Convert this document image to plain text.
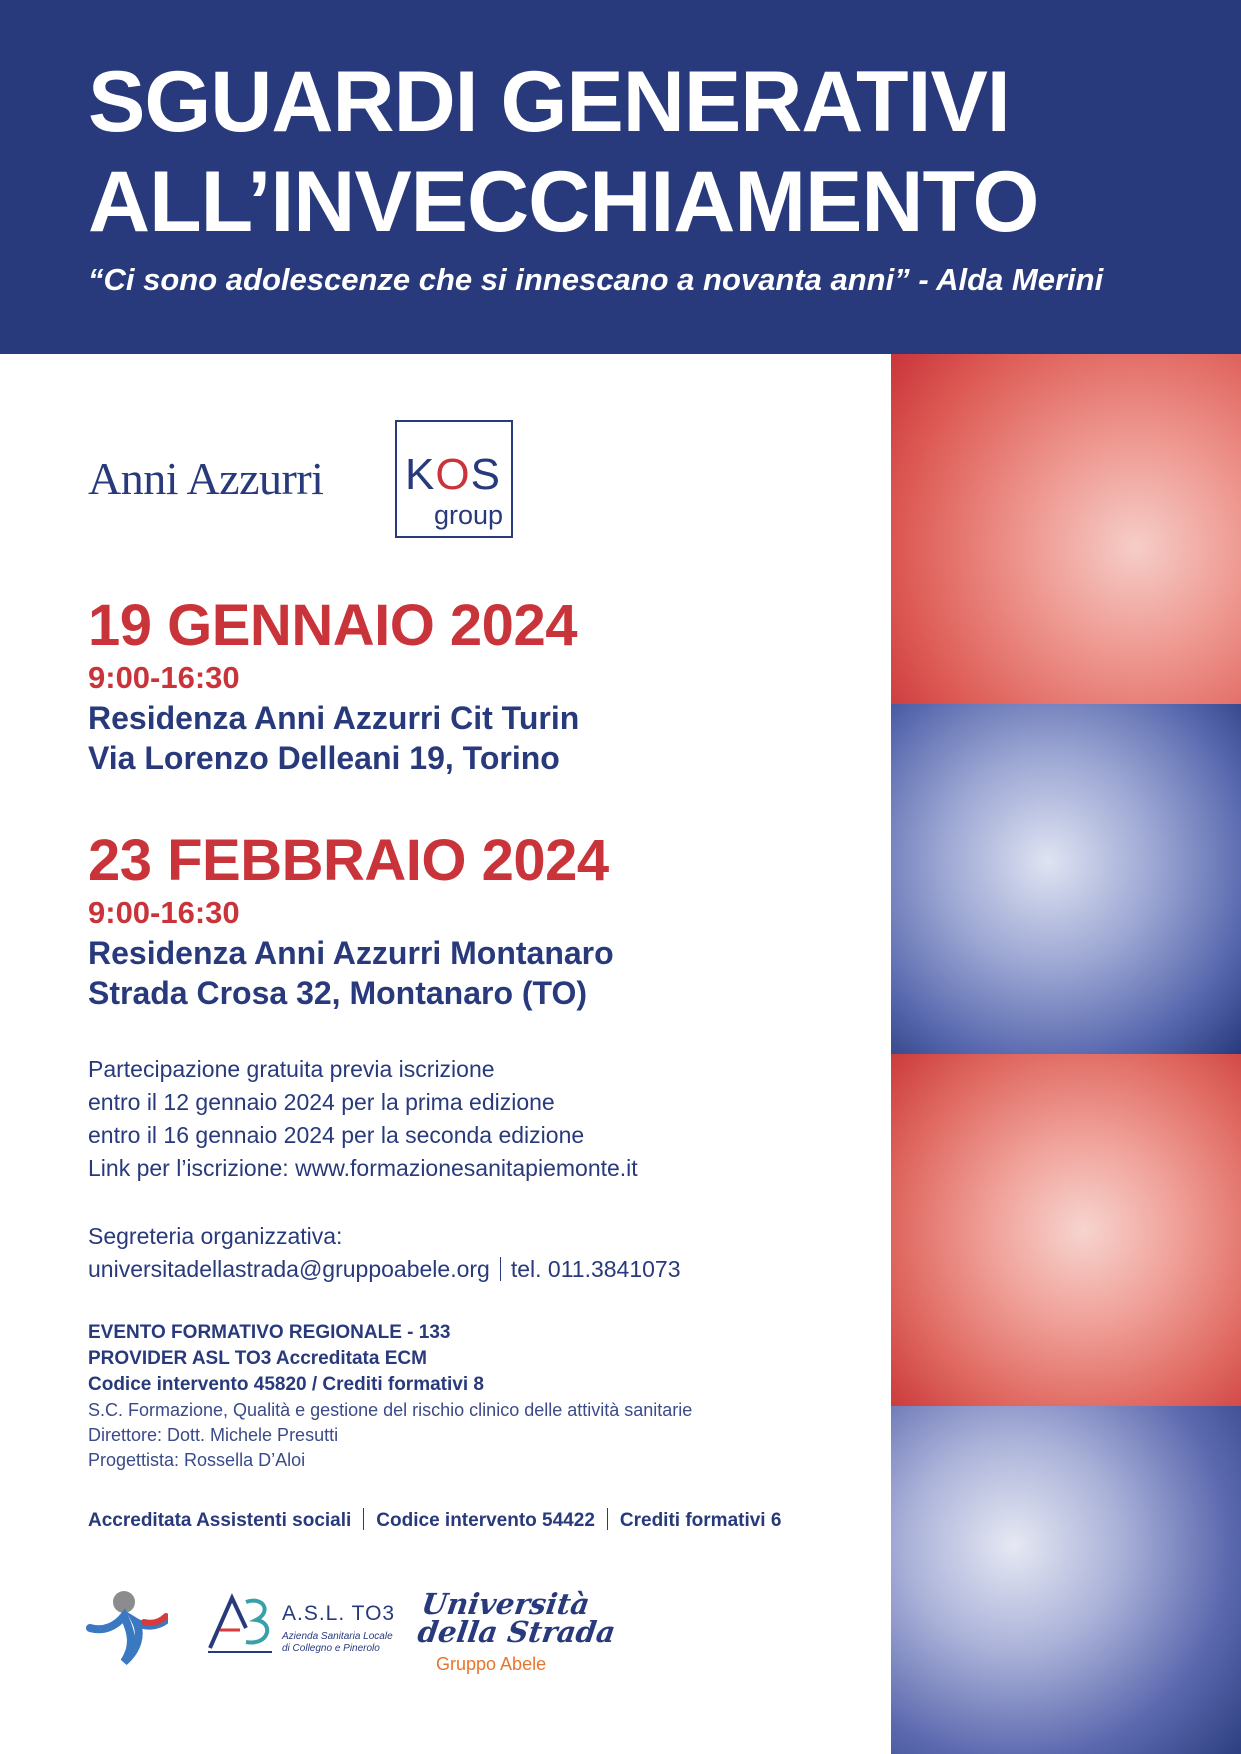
SGUARDI GENERATIVI
ALL’INVECCHIAMENTO
“Ci sono adolescenze che si innescano a novanta anni” - Alda Merini
Anni Azzurri KOS
group
19 GENNAIO 2024
9:00-16:30
Residenza Anni Azzurri Cit Turin
Via Lorenzo Delleani 19, Torino
23 FEBBRAIO 2024
9:00-16:30
Residenza Anni Azzurri Montanaro
Strada Crosa 32, Montanaro (TO)
Partecipazione gratuita previa iscrizione
entro il 12 gennaio 2024 per la prima edizione
entro il 16 gennaio 2024 per la seconda edizione
Link per l’iscrizione: www.formazionesanitapiemonte.it
Segreteria organizzativa:
universitadellastrada@gruppoabele.org tel. 011.3841073
EVENTO FORMATIVO REGIONALE - 133
PROVIDER ASL TO3 Accreditata ECM
Codice intervento 45820 / Crediti formativi 8
S.C. Formazione, Qualità e gestione del rischio clinico delle attività sanitarie
Direttore: Dott. Michele Presutti
Progettista: Rossella D’Aloi
Accreditata Assistenti sociali Codice intervento 54422 Crediti formativi 6
A.S.L. TO3
Azienda Sanitaria Locale
di Collegno e Pinerolo
Università
della Strada
Gruppo Abele
